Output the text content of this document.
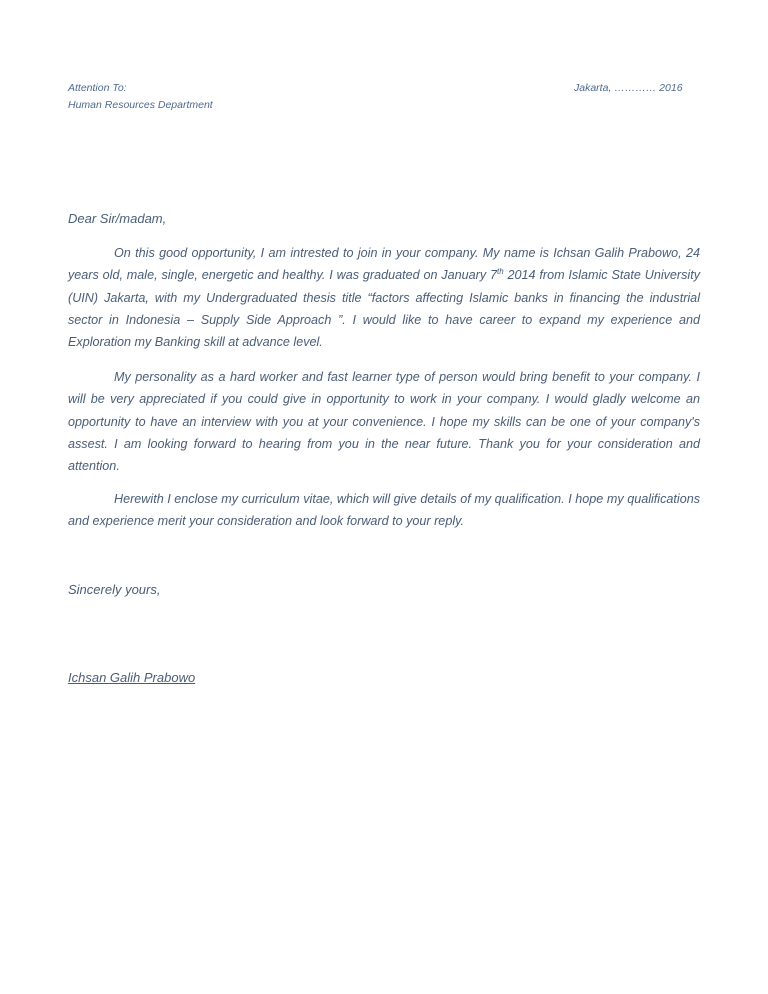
Attention To:
Human Resources Department
Jakarta, ………… 2016
Dear Sir/madam,

On this good opportunity, I am intrested to join in your company. My name is Ichsan Galih Prabowo, 24 years old, male, single, energetic and healthy. I was graduated on January 7th 2014 from Islamic State University (UIN) Jakarta, with my Undergraduated thesis title “factors affecting Islamic banks in financing the industrial sector in Indonesia – Supply Side Approach ”. I would like to have career to expand my experience and Exploration my Banking skill at advance level.

My personality as a hard worker and fast learner type of person would bring benefit to your company. I will be very appreciated if you could give in opportunity to work in your company. I would gladly welcome an opportunity to have an interview with you at your convenience. I hope my skills can be one of your company's assest. I am looking forward to hearing from you in the near future. Thank you for your consideration and attention.

Herewith I enclose my curriculum vitae, which will give details of my qualification. I hope my qualifications and experience merit your consideration and look forward to your reply.

Sincerely yours,
Ichsan Galih Prabowo
